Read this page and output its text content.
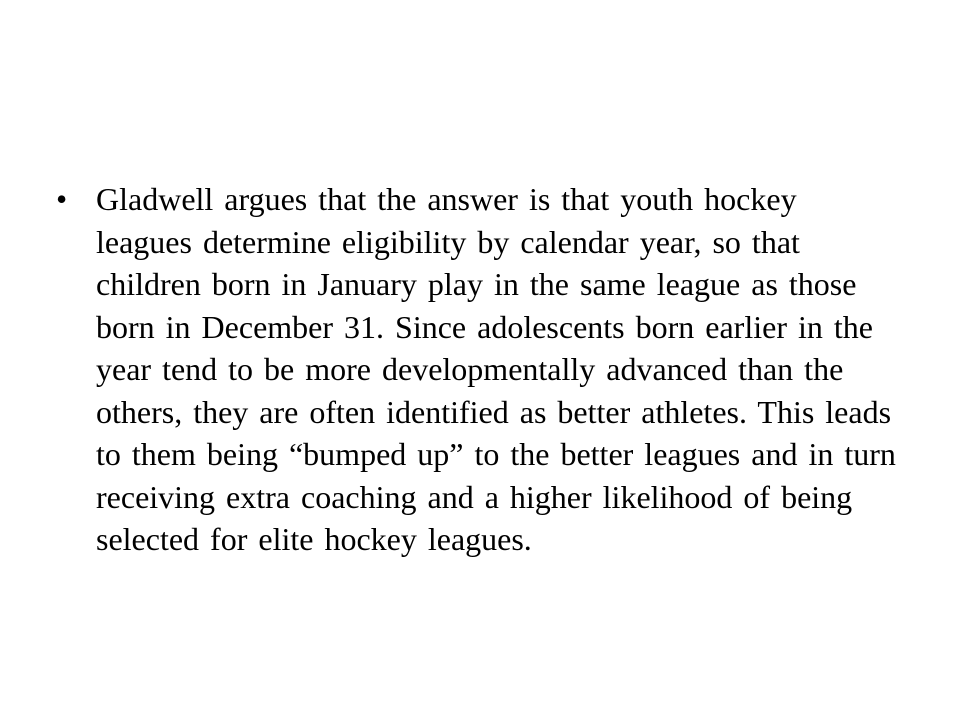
• Gladwell argues that the answer is that youth hockey leagues determine eligibility by calendar year, so that children born in January play in the same league as those born in December 31. Since adolescents born earlier in the year tend to be more developmentally advanced than the others, they are often identified as better athletes. This leads to them being “bumped up” to the better leagues and in turn receiving extra coaching and a higher likelihood of being selected for elite hockey leagues.
